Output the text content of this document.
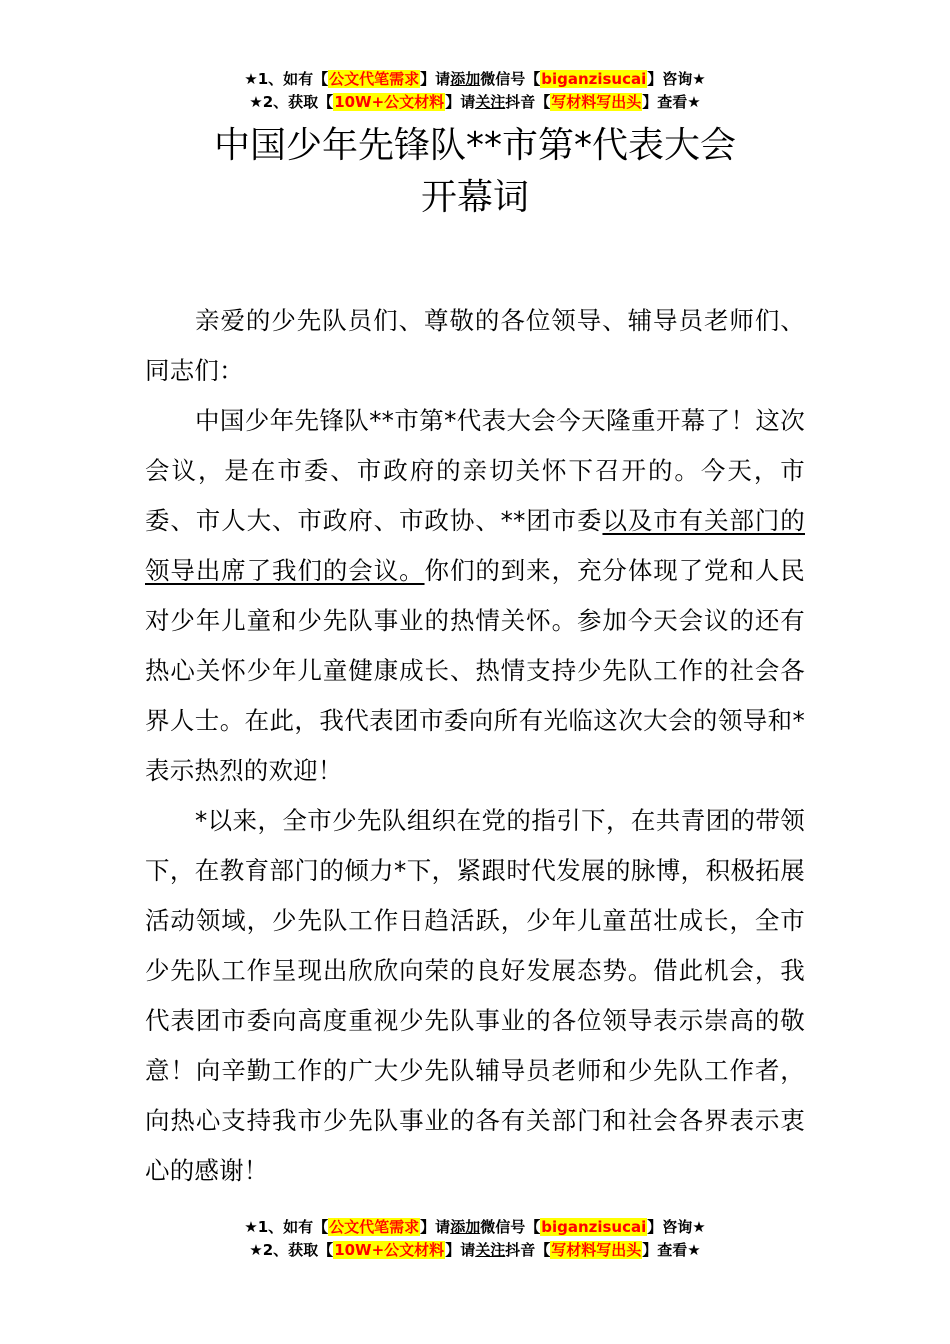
★1、如有【公文代笔需求】请添加微信号【biganzisucai】咨询★
★2、获取【10W+公文材料】请关注抖音【写材料写出头】查看★
中国少年先锋队**市第*代表大会
开幕词

亲爱的少先队员们、尊敬的各位领导、辅导员老师们、同志们：

中国少年先锋队**市第*代表大会今天隆重开幕了！这次会议，是在市委、市政府的亲切关怀下召开的。今天，市委、市人大、市政府、市政协、**团市委以及市有关部门的领导出席了我们的会议。你们的到来，充分体现了党和人民对少年儿童和少先队事业的热情关怀。参加今天会议的还有热心关怀少年儿童健康成长、热情支持少先队工作的社会各界人士。在此，我代表团市委向所有光临这次大会的领导和*表示热烈的欢迎！

*以来，全市少先队组织在党的指引下，在共青团的带领下，在教育部门的倾力*下，紧跟时代发展的脉博，积极拓展活动领域，少先队工作日趋活跃，少年儿童茁壮成长，全市少先队工作呈现出欣欣向荣的良好发展态势。借此机会，我代表团市委向高度重视少先队事业的各位领导表示崇高的敬意！向辛勤工作的广大少先队辅导员老师和少先队工作者，向热心支持我市少先队事业的各有关部门和社会各界表示衷心的感谢！

★1、如有【公文代笔需求】请添加微信号【biganzisucai】咨询★
★2、获取【10W+公文材料】请关注抖音【写材料写出头】查看★
